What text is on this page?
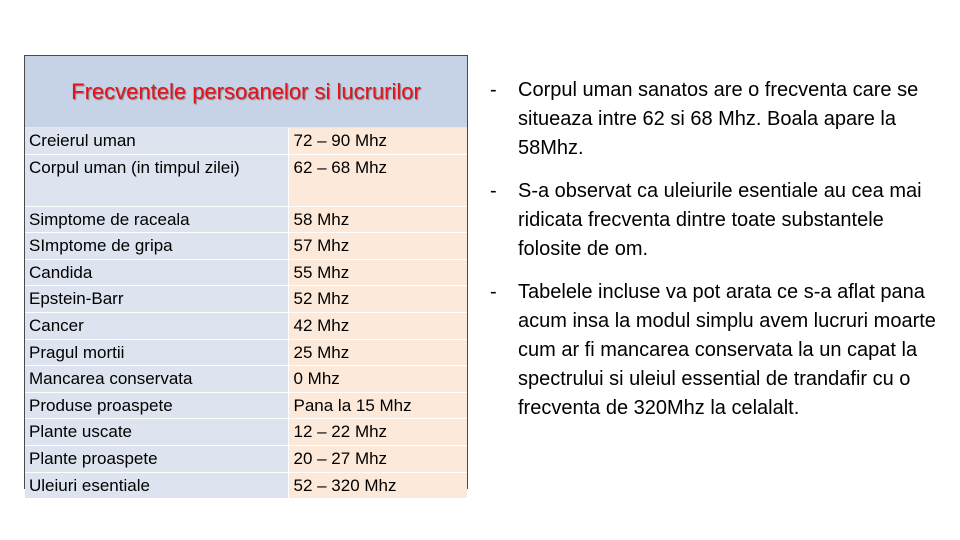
Frecventele persoanelor si lucrurilor
Creierul uman	72 – 90 Mhz
Corpul uman (in timpul zilei)	62 – 68 Mhz
Simptome de raceala	58 Mhz
SImptome de gripa	57 Mhz
Candida	55 Mhz
Epstein-Barr	52 Mhz
Cancer	42 Mhz
Pragul mortii	25 Mhz
Mancarea conservata	0 Mhz
Produse proaspete	Pana la 15 Mhz
Plante uscate	12 – 22 Mhz
Plante proaspete	20 – 27 Mhz
Uleiuri esentiale	52 – 320 Mhz
- Corpul uman sanatos are o frecventa care se situeaza intre 62 si 68 Mhz. Boala apare la 58Mhz.
- S-a observat ca uleiurile esentiale au cea mai ridicata frecventa dintre toate substantele folosite de om.
- Tabelele incluse va pot arata ce s-a aflat pana acum insa la modul simplu avem lucruri moarte cum ar fi mancarea conservata la un capat la spectrului si uleiul essential de trandafir cu o frecventa de 320Mhz la celalalt.
